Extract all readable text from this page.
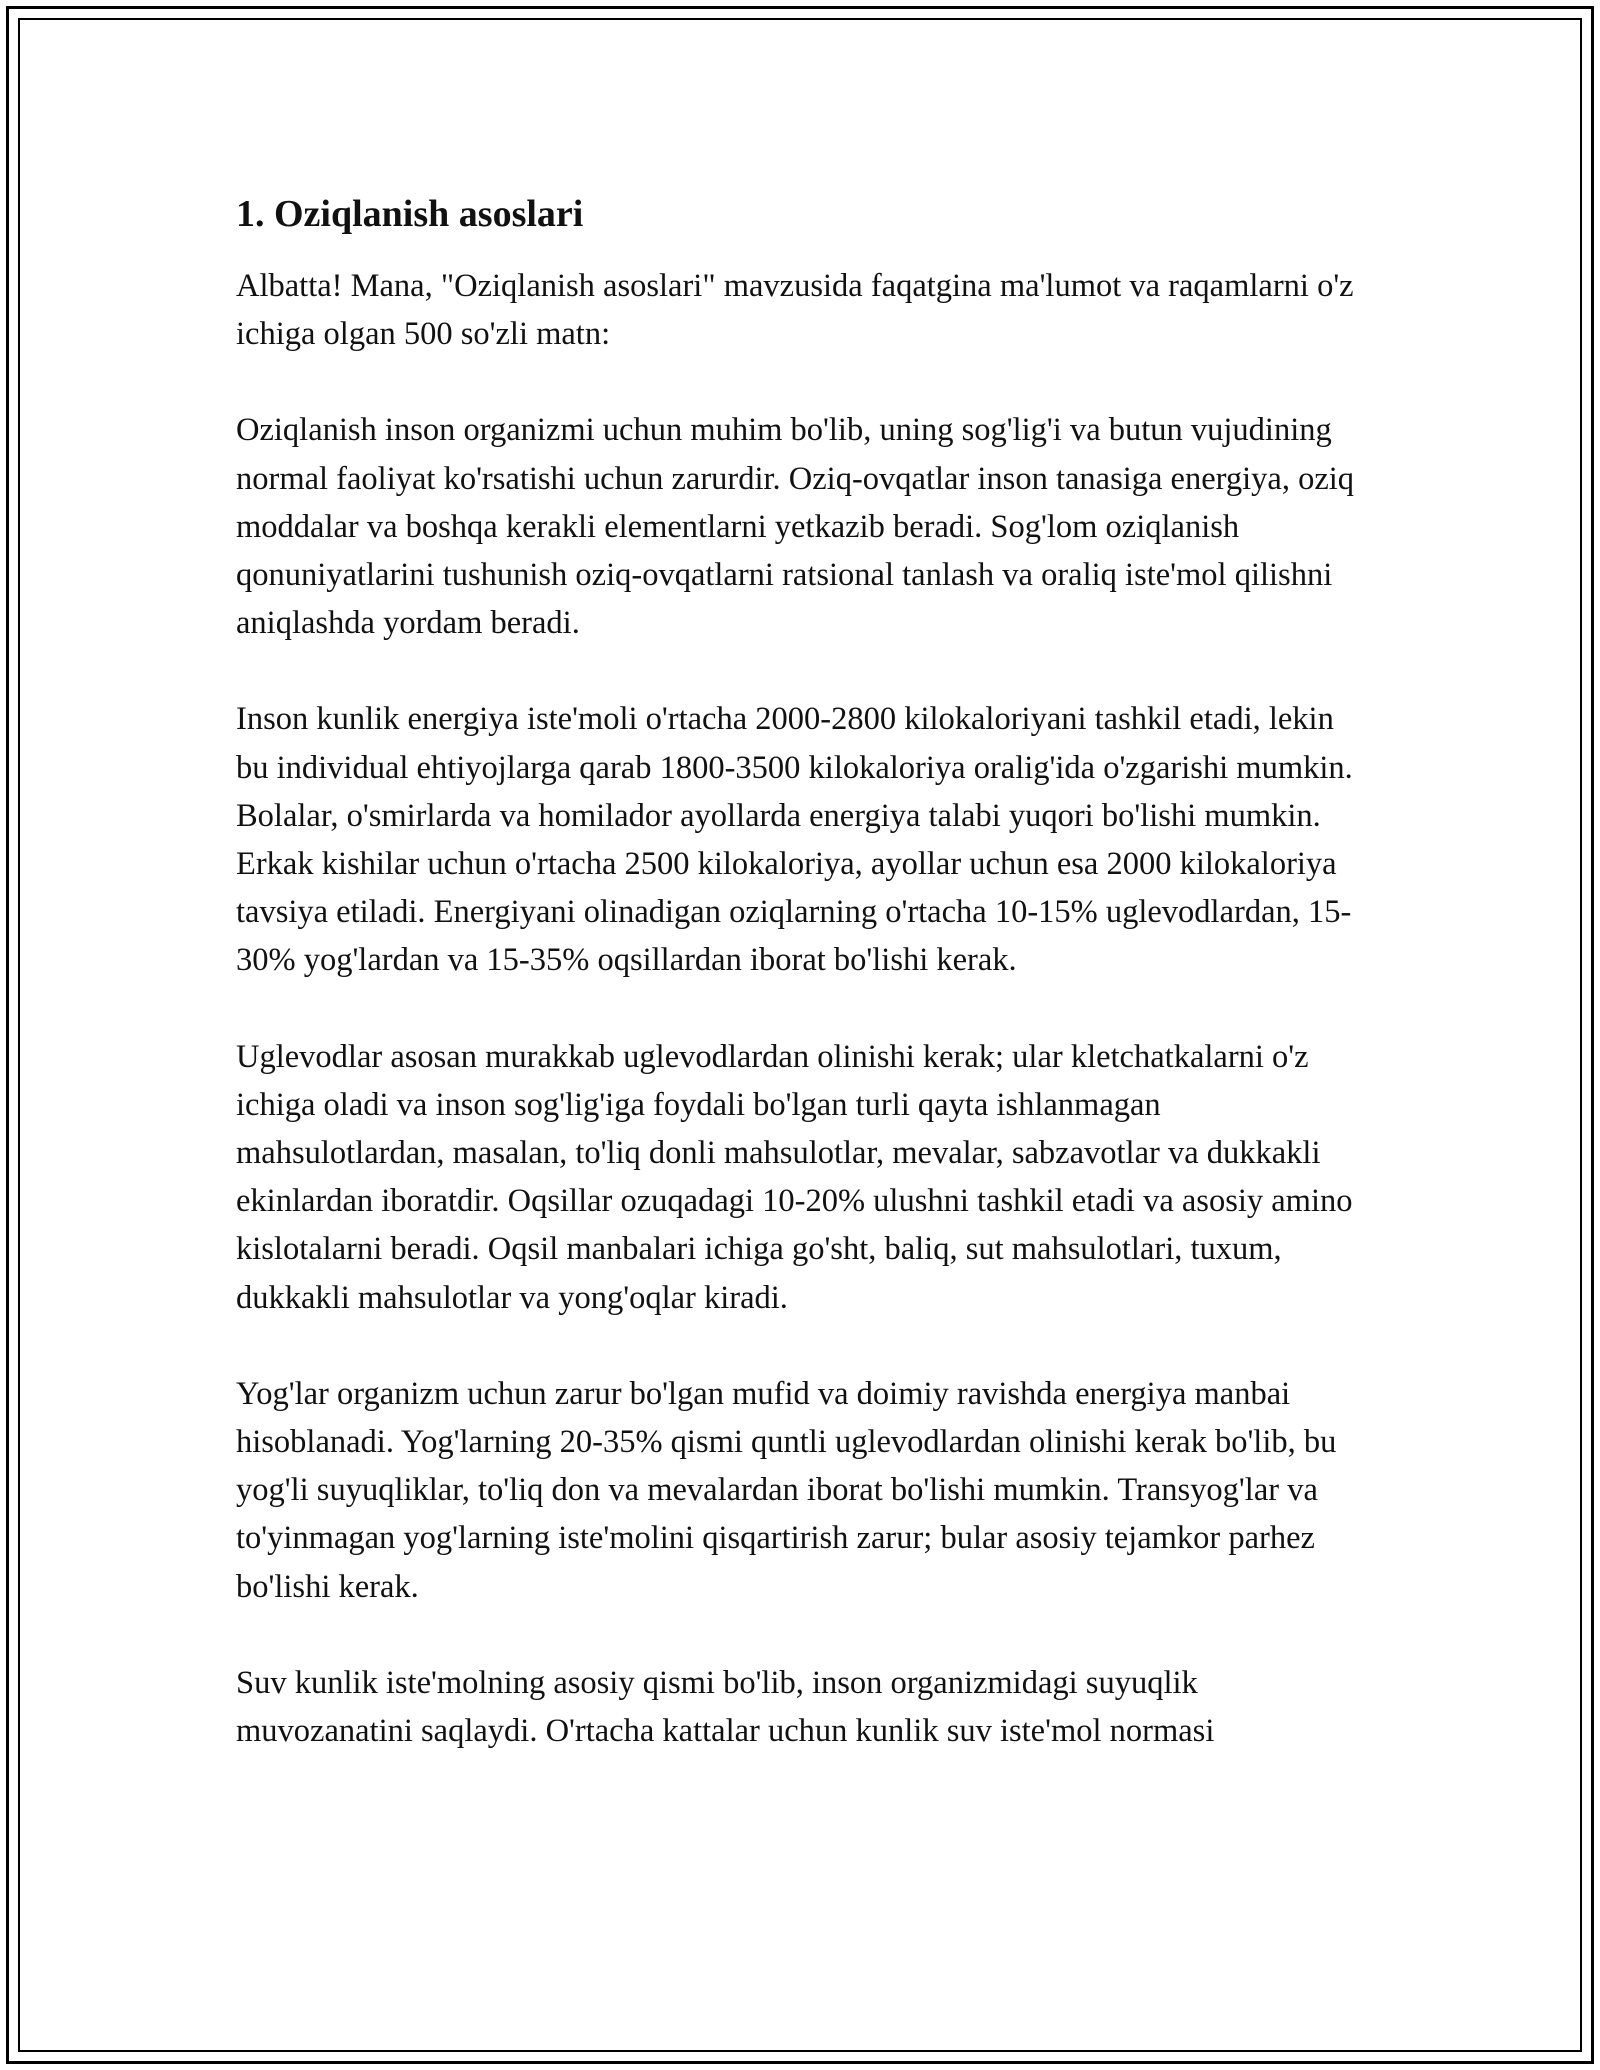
1. Oziqlanish asoslari

Albatta! Mana, "Oziqlanish asoslari" mavzusida faqatgina ma'lumot va raqamlarni o'z ichiga olgan 500 so'zli matn:

Oziqlanish inson organizmi uchun muhim bo'lib, uning sog'lig'i va butun vujudining normal faoliyat ko'rsatishi uchun zarurdir. Oziq-ovqatlar inson tanasiga energiya, oziq moddalar va boshqa kerakli elementlarni yetkazib beradi. Sog'lom oziqlanish qonuniyatlarini tushunish oziq-ovqatlarni ratsional tanlash va oraliq iste'mol qilishni aniqlashda yordam beradi.

Inson kunlik energiya iste'moli o'rtacha 2000-2800 kilokaloriyani tashkil etadi, lekin bu individual ehtiyojlarga qarab 1800-3500 kilokaloriya oralig'ida o'zgarishi mumkin. Bolalar, o'smirlarda va homilador ayollarda energiya talabi yuqori bo'lishi mumkin. Erkak kishilar uchun o'rtacha 2500 kilokaloriya, ayollar uchun esa 2000 kilokaloriya tavsiya etiladi. Energiyani olinadigan oziqlarning o'rtacha 10-15% uglevodlardan, 15-30% yog'lardan va 15-35% oqsillardan iborat bo'lishi kerak.

Uglevodlar asosan murakkab uglevodlardan olinishi kerak; ular kletchatkalarni o'z ichiga oladi va inson sog'lig'iga foydali bo'lgan turli qayta ishlanmagan mahsulotlardan, masalan, to'liq donli mahsulotlar, mevalar, sabzavotlar va dukkakli ekinlardan iboratdir. Oqsillar ozuqadagi 10-20% ulushni tashkil etadi va asosiy amino kislotalarni beradi. Oqsil manbalari ichiga go'sht, baliq, sut mahsulotlari, tuxum, dukkakli mahsulotlar va yong'oqlar kiradi.

Yog'lar organizm uchun zarur bo'lgan mufid va doimiy ravishda energiya manbai hisoblanadi. Yog'larning 20-35% qismi quntli uglevodlardan olinishi kerak bo'lib, bu yog'li suyuqliklar, to'liq don va mevalardan iborat bo'lishi mumkin. Transyog'lar va to'yinmagan yog'larning iste'molini qisqartirish zarur; bular asosiy tejamkor parhez bo'lishi kerak.

Suv kunlik iste'molning asosiy qismi bo'lib, inson organizmidagi suyuqlik muvozanatini saqlaydi. O'rtacha kattalar uchun kunlik suv iste'mol normasi
